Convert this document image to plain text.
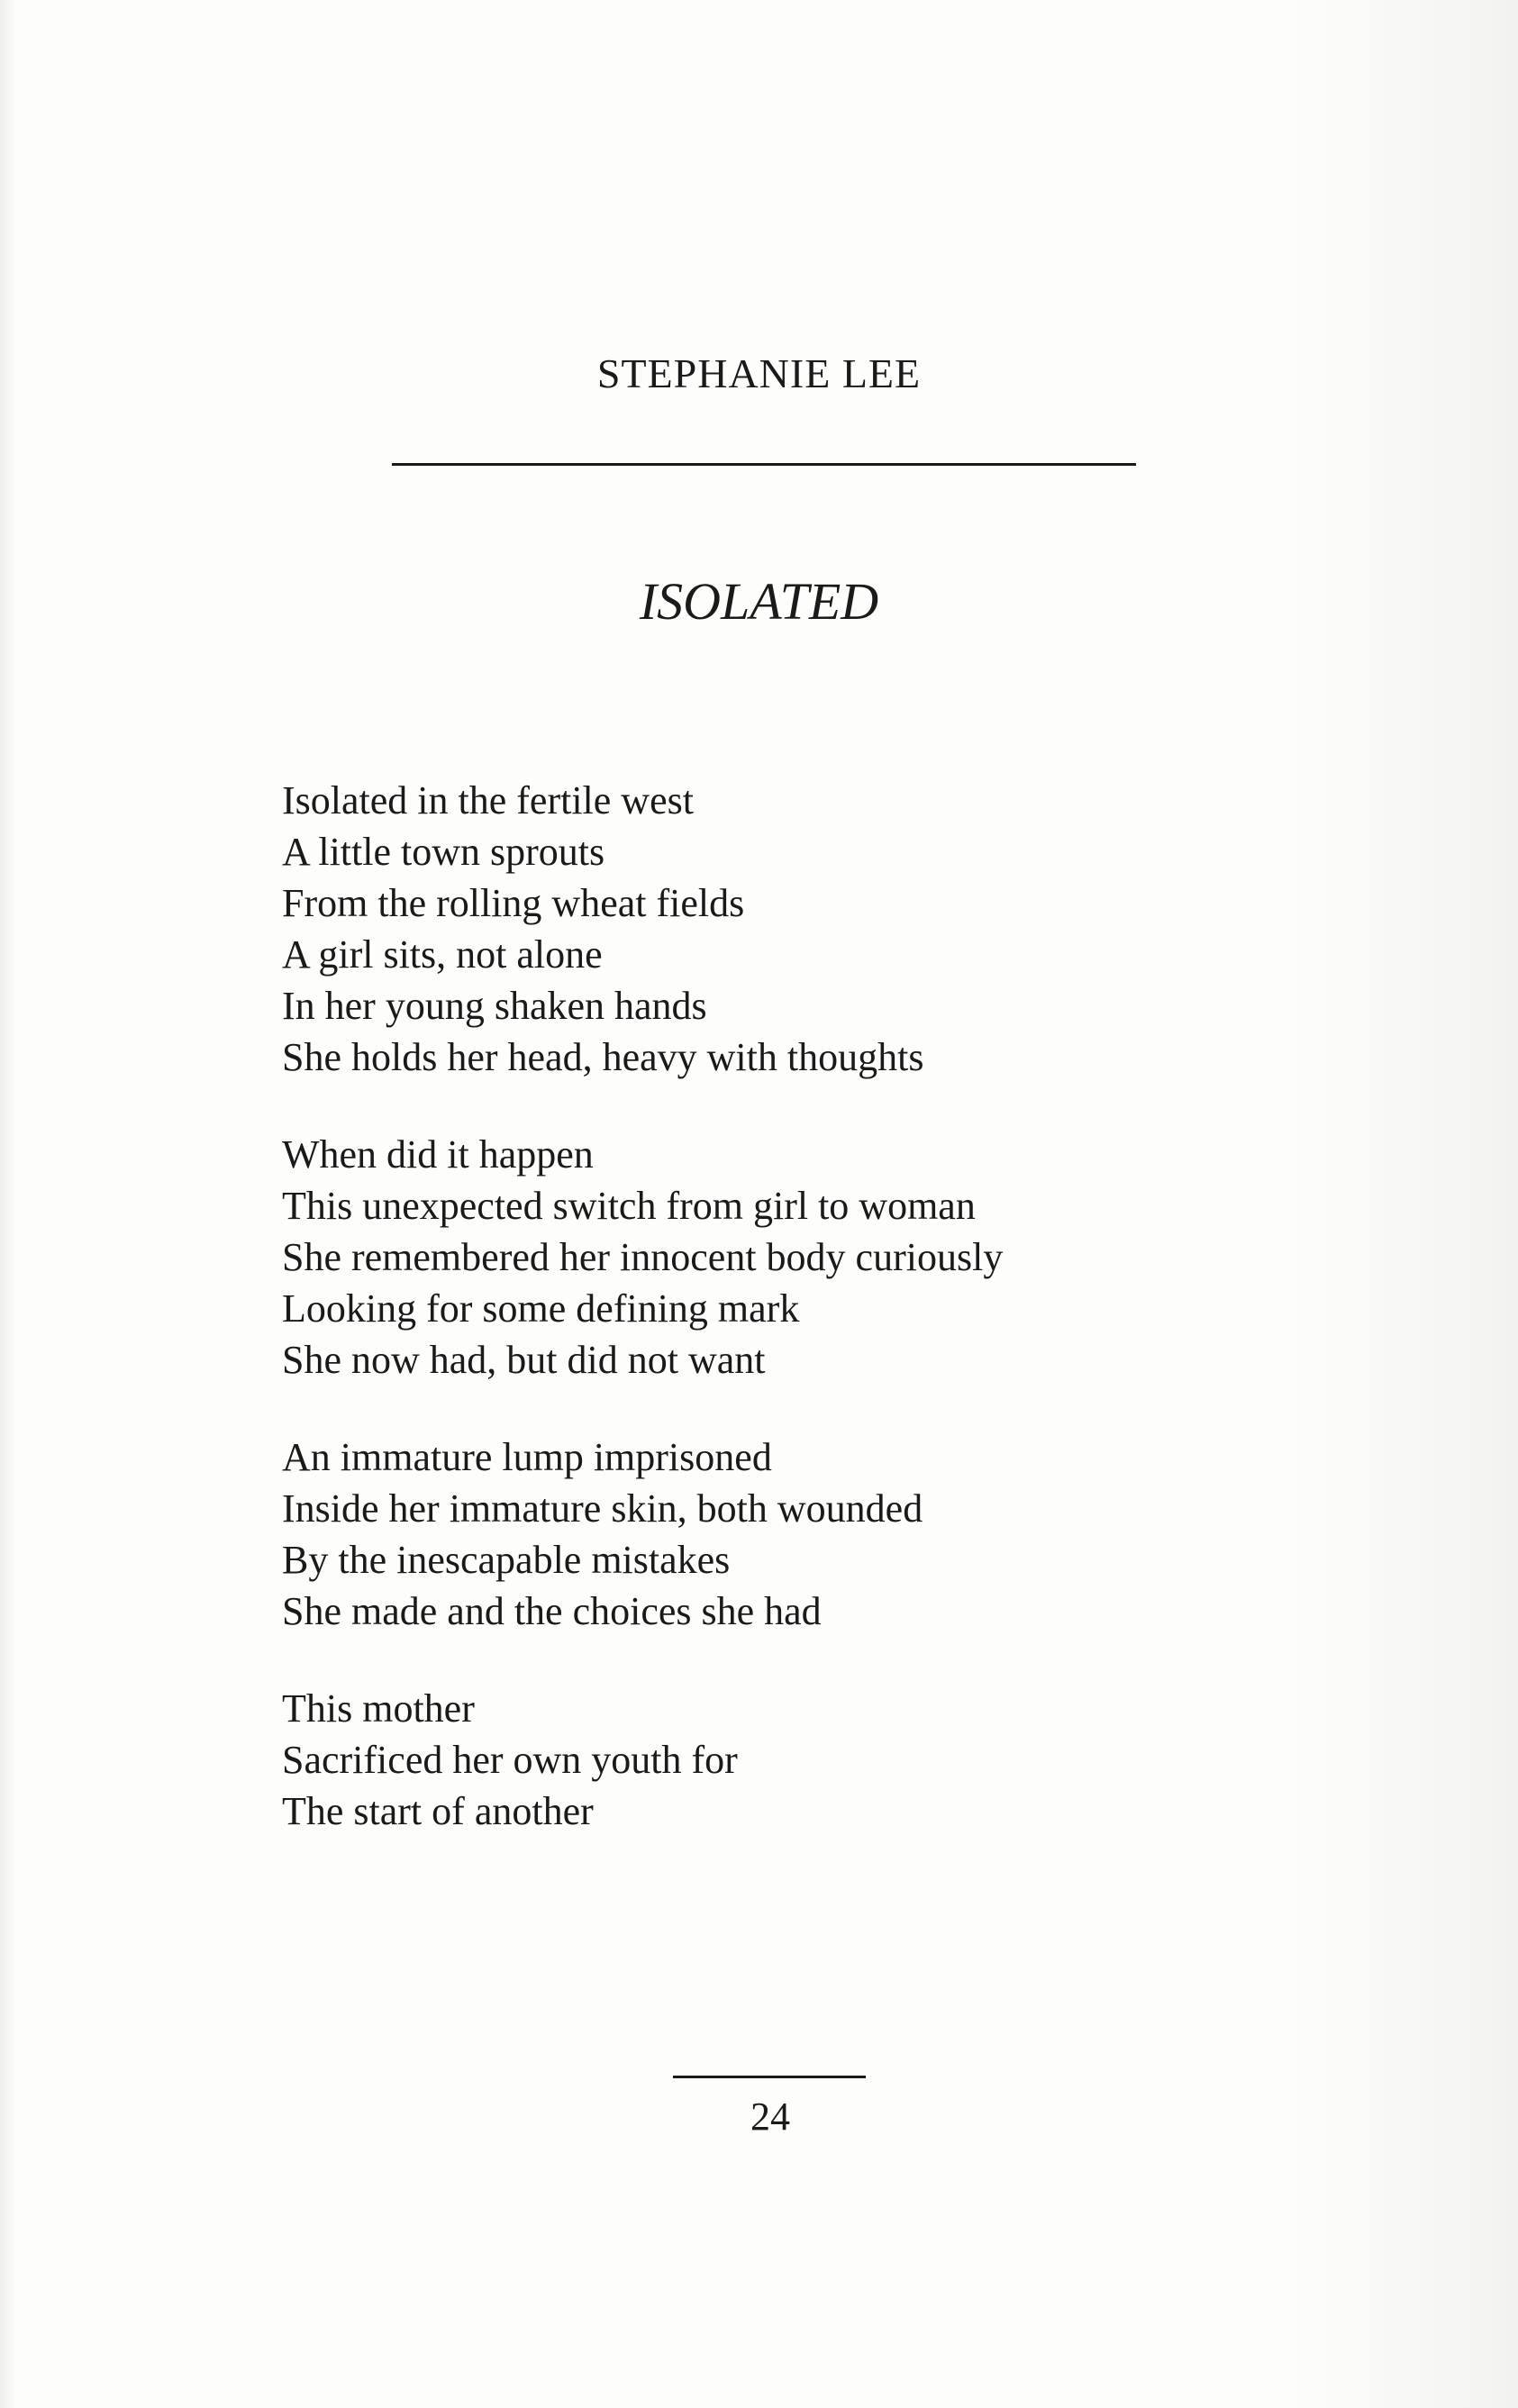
STEPHANIE LEE
ISOLATED
Isolated in the fertile west
A little town sprouts
From the rolling wheat fields
A girl sits, not alone
In her young shaken hands
She holds her head, heavy with thoughts
When did it happen
This unexpected switch from girl to woman
She remembered her innocent body curiously
Looking for some defining mark
She now had, but did not want
An immature lump imprisoned
Inside her immature skin, both wounded
By the inescapable mistakes
She made and the choices she had
This mother
Sacrificed her own youth for
The start of another
24
